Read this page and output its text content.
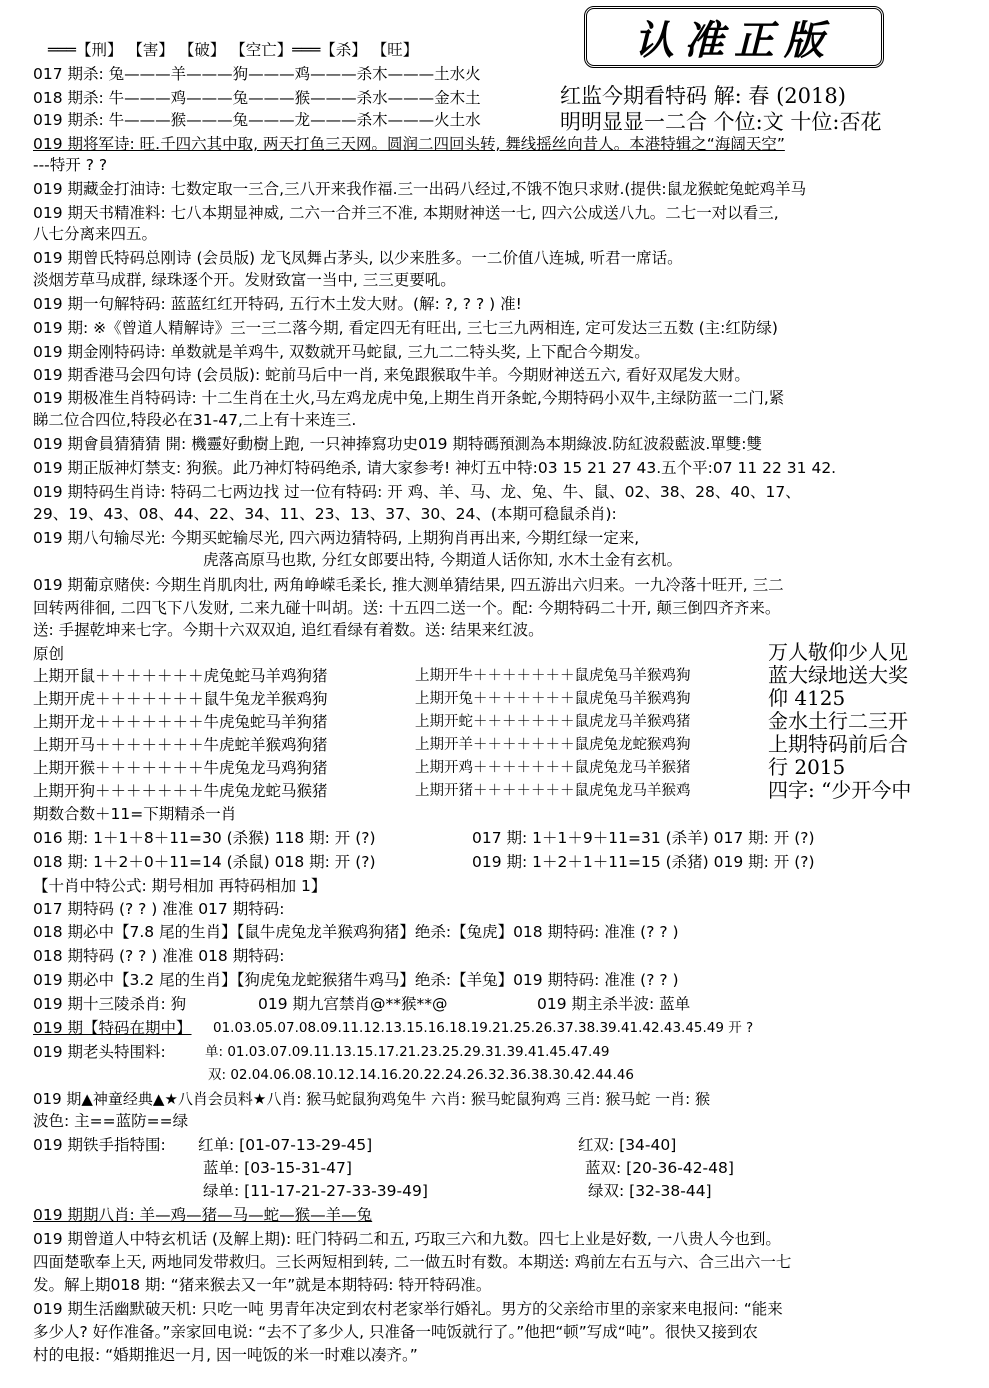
认准正版
红监今期看特码 解: 春 (2018)
明明显显一二合 个位:文 十位:否花
═══【刑】 【害】 【破】 【空亡】═══【杀】 【旺】
017 期杀: 兔———羊———狗———鸡———杀木———土水火
018 期杀: 牛———鸡———兔———猴———杀水———金木土
019 期杀: 牛———猴———兔———龙———杀木———火土水
019 期将军诗: 旺.千四六其中取, 两天打鱼三天网。圆润二四回头转, 舞线摇丝向昔人。本港特辑之“海阔天空”
---特开 ? ?
019 期藏金打油诗: 七数定取一三合,三八开来我作福.三一出码八经过,不饿不饱只求财.(提供:鼠龙猴蛇兔蛇鸡羊马
019 期天书精准料: 七八本期显神威, 二六一合并三不准, 本期财神送一七, 四六公成送八九。二七一对以看三,
八七分离来四五。
019 期曾氏特码总刚诗 (会员版) 龙飞凤舞占茅头, 以少来胜多。一二价值八连城, 听君一席话。
淡烟芳草马成群, 绿珠逐个开。发财致富一当中, 三三更要吼。
019 期一句解特码: 蓝蓝红红开特码, 五行木土发大财。(解: ?, ? ? ) 准!
019 期: ※《曾道人精解诗》三一三二落今期, 看定四无有旺出, 三七三九两相连, 定可发达三五数 (主:红防绿)
019 期金刚特码诗: 单数就是羊鸡牛, 双数就开马蛇鼠, 三九二二特头奖, 上下配合今期发。
019 期香港马会四句诗 (会员版): 蛇前马后中一肖, 来兔跟猴取牛羊。今期财神送五六, 看好双尾发大财。
019 期极准生肖特码诗: 十二生肖在土火,马左鸡龙虎中兔,上期生肖开条蛇,今期特码小双牛,主绿防蓝一二门,紧
睇二位合四位,特段必在31-47,二上有十来连三.
019 期會員猜猜猜 開: 機靈好動樹上跑, 一只神捧寫功史019 期特碼預測為本期綠波.防紅波殺藍波.單雙:雙
019 期正版神灯禁支: 狗猴。此乃神灯特码绝杀, 请大家参考! 神灯五中特:03 15 21 27 43.五个平:07 11 22 31 42.
019 期特码生肖诗: 特码二七两边找 过一位有特码: 开 鸡、羊、马、龙、兔、牛、鼠、02、38、28、40、17、
29、19、43、08、44、22、34、11、23、13、37、30、24、(本期可稳鼠杀肖):
019 期八句输尽光: 今期买蛇输尽光, 四六两边猜特码, 上期狗肖再出来, 今期红绿一定来,
虎落高原马也欺, 分红女郎要出特, 今期道人话你知, 水木土金有玄机。
019 期葡京赌侠: 今期生肖肌肉壮, 两角峥嵘毛柔长, 推大测单猜结果, 四五游出六归来。一九冷落十旺开, 三二
回转两徘徊, 二四飞下八发财, 二来九碰十叫胡。送: 十五四二送一个。配: 今期特码二十开, 颠三倒四齐齐来。
送: 手握乾坤来七字。今期十六双双迫, 追红看绿有着数。送: 结果来红波。
原创
上期开鼠＋＋＋＋＋＋＋虎兔蛇马羊鸡狗猪
上期开虎＋＋＋＋＋＋＋鼠牛兔龙羊猴鸡狗
上期开龙＋＋＋＋＋＋＋牛虎兔蛇马羊狗猪
上期开马＋＋＋＋＋＋＋牛虎蛇羊猴鸡狗猪
上期开猴＋＋＋＋＋＋＋牛虎兔龙马鸡狗猪
上期开狗＋＋＋＋＋＋＋牛虎兔龙蛇马猴猪
上期开牛＋＋＋＋＋＋＋鼠虎兔马羊猴鸡狗
上期开兔＋＋＋＋＋＋＋鼠虎兔马羊猴鸡狗
上期开蛇＋＋＋＋＋＋＋鼠虎龙马羊猴鸡猪
上期开羊＋＋＋＋＋＋＋鼠虎兔龙蛇猴鸡狗
上期开鸡＋＋＋＋＋＋＋鼠虎兔龙马羊猴猪
上期开猪＋＋＋＋＋＋＋鼠虎兔龙马羊猴鸡
万人敬仰少人见
蓝大绿地送大奖
仰 4125
金水土行二三开
上期特码前后合
行 2015
四字: “少开今中
期数合数＋11=下期精杀一肖
016 期: 1＋1＋8＋11=30 (杀猴) 118 期: 开 (?)	017 期: 1＋1＋9＋11=31 (杀羊) 017 期: 开 (?)
018 期: 1＋2＋0＋11=14 (杀鼠) 018 期: 开 (?)	019 期: 1＋2＋1＋11=15 (杀猪) 019 期: 开 (?)
【十肖中特公式: 期号相加 再特码相加 1】
017 期特码 (? ? ) 准准 017 期特码:
018 期必中【7.8 尾的生肖】【鼠牛虎兔龙羊猴鸡狗猪】绝杀:【兔虎】018 期特码: 准准 (? ? )
018 期特码 (? ? ) 准准 018 期特码:
019 期必中【3.2 尾的生肖】【狗虎兔龙蛇猴猪牛鸡马】绝杀:【羊兔】019 期特码: 准准 (? ? )
019 期十三陵杀肖: 狗	019 期九宫禁肖@**猴**@	019 期主杀半波: 蓝单
019 期【特码在期中】 01.03.05.07.08.09.11.12.13.15.16.18.19.21.25.26.37.38.39.41.42.43.45.49 开 ?
019 期老头特围料:	单: 01.03.07.09.11.13.15.17.21.23.25.29.31.39.41.45.47.49
双: 02.04.06.08.10.12.14.16.20.22.24.26.32.36.38.30.42.44.46
019 期▲神童经典▲★八肖会员料★八肖: 猴马蛇鼠狗鸡兔牛 六肖: 猴马蛇鼠狗鸡 三肖: 猴马蛇 一肖: 猴
波色: 主==蓝防==绿
019 期铁手指特围: 红单: [01-07-13-29-45]	红双: [34-40]
蓝单: [03-15-31-47]	蓝双: [20-36-42-48]
绿单: [11-17-21-27-33-39-49]	绿双: [32-38-44]
019 期期八肖: 羊—鸡—猪—马—蛇—猴—羊—兔
019 期曾道人中特玄机话 (及解上期): 旺门特码二和五, 巧取三六和九数。四七上业是好数, 一八贵人今也到。
四面楚歌奉上天, 两地同发带救归。三长两短相到转, 二一做五时有数。本期送: 鸡前左右五与六、合三出六一七
发。解上期018 期: “猪来猴去又一年”就是本期特码: 特开特码准。
019 期生活幽默破天机: 只吃一吨 男青年决定到农村老家举行婚礼。男方的父亲给市里的亲家来电报问: “能来
多少人? 好作准备。”亲家回电说: “去不了多少人, 只准备一吨饭就行了。”他把“顿”写成“吨”。很快又接到农
村的电报: “婚期推迟一月, 因一吨饭的米一时难以凑齐。”
